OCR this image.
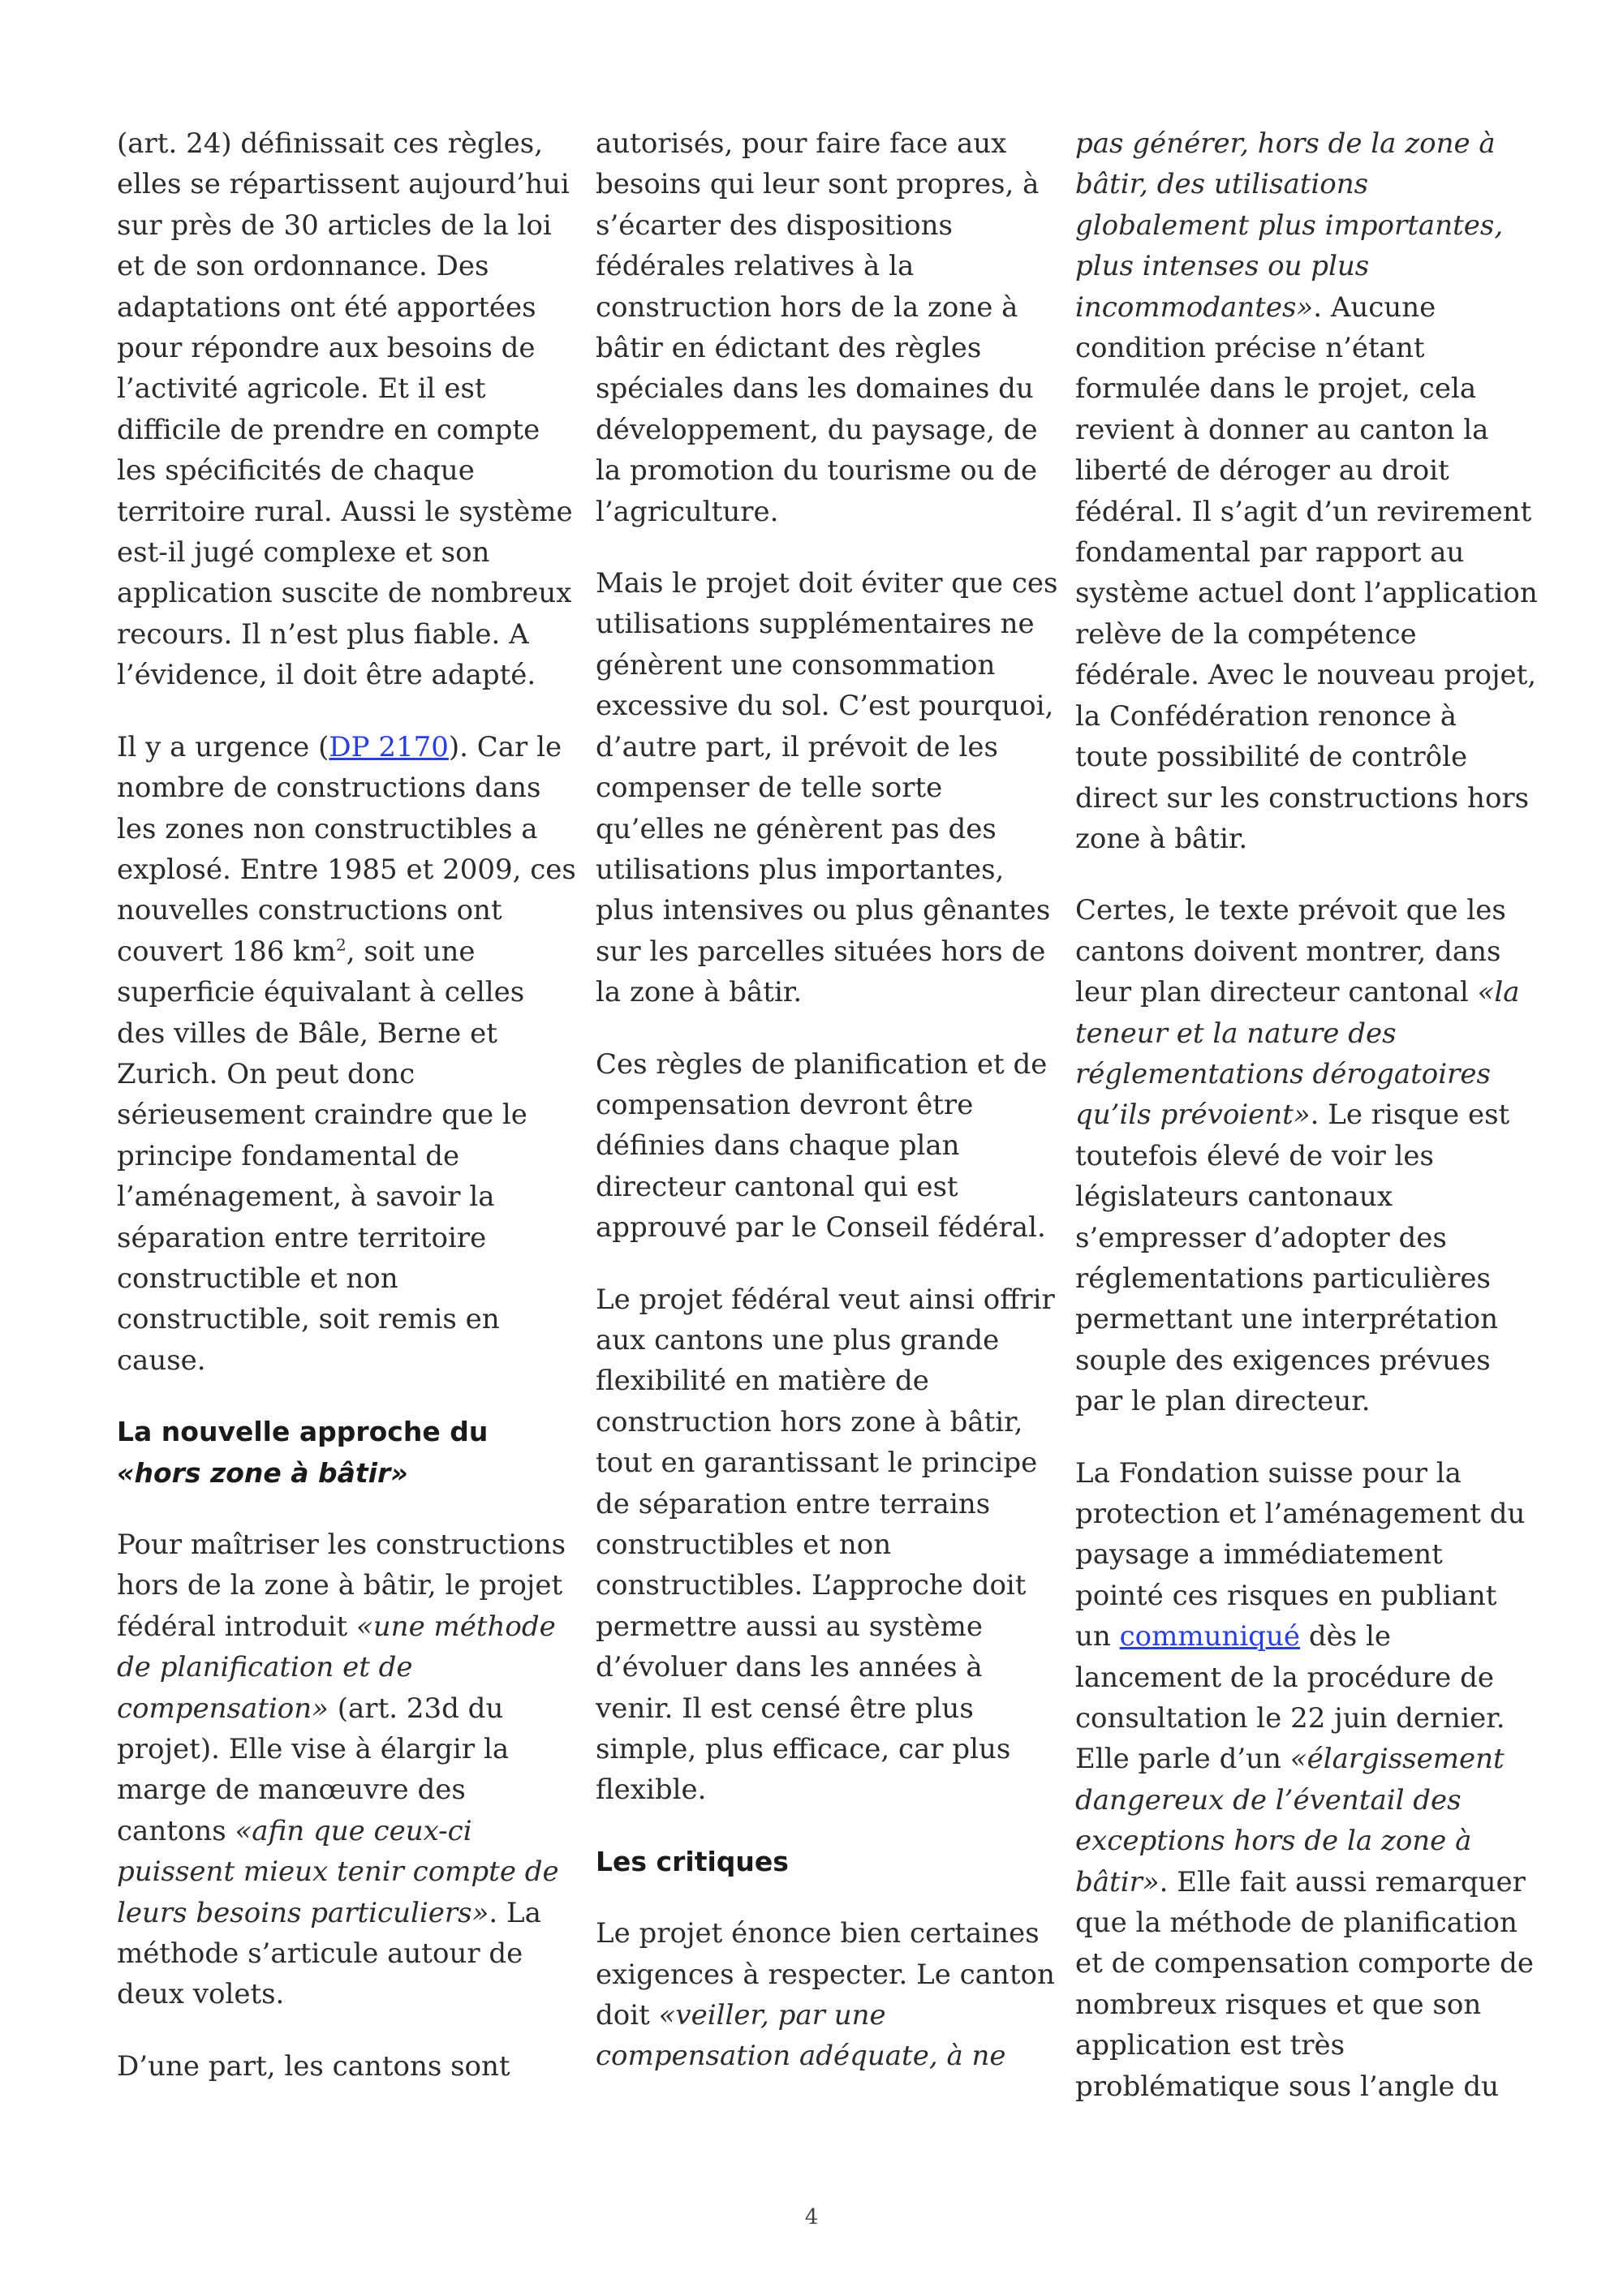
(art. 24) définissait ces règles, elles se répartissent aujourd’hui sur près de 30 articles de la loi et de son ordonnance. Des adaptations ont été apportées pour répondre aux besoins de l’activité agricole. Et il est difficile de prendre en compte les spécificités de chaque territoire rural. Aussi le système est-il jugé complexe et son application suscite de nombreux recours. Il n’est plus fiable. A l’évidence, il doit être adapté.

Il y a urgence (DP 2170). Car le nombre de constructions dans les zones non constructibles a explosé. Entre 1985 et 2009, ces nouvelles constructions ont couvert 186 $km^2$, soit une superficie équivalant à celles des villes de Bâle, Berne et Zurich. On peut donc sérieusement craindre que le principe fondamental de l’aménagement, à savoir la séparation entre territoire constructible et non constructible, soit remis en cause.

La nouvelle approche du
«hors zone à bâtir»

Pour maîtriser les constructions hors de la zone à bâtir, le projet fédéral introduit «une méthode de planification et de compensation» (art. 23d du projet). Elle vise à élargir la marge de manœuvre des cantons «afin que ceux-ci puissent mieux tenir compte de leurs besoins particuliers». La méthode s’articule autour de deux volets.

D’une part, les cantons sont

autorisés, pour faire face aux besoins qui leur sont propres, à s’écarter des dispositions fédérales relatives à la construction hors de la zone à bâtir en édictant des règles spéciales dans les domaines du développement, du paysage, de la promotion du tourisme ou de l’agriculture.

Mais le projet doit éviter que ces utilisations supplémentaires ne génèrent une consommation excessive du sol. C’est pourquoi, d’autre part, il prévoit de les compenser de telle sorte qu’elles ne génèrent pas des utilisations plus importantes, plus intensives ou plus gênantes sur les parcelles situées hors de la zone à bâtir.

Ces règles de planification et de compensation devront être définies dans chaque plan directeur cantonal qui est approuvé par le Conseil fédéral.

Le projet fédéral veut ainsi offrir aux cantons une plus grande flexibilité en matière de construction hors zone à bâtir, tout en garantissant le principe de séparation entre terrains constructibles et non constructibles. L’approche doit permettre aussi au système d’évoluer dans les années à venir. Il est censé être plus simple, plus efficace, car plus flexible.

Les critiques

Le projet énonce bien certaines exigences à respecter. Le canton doit «veiller, par une compensation adéquate, à ne

pas générer, hors de la zone à bâtir, des utilisations globalement plus importantes, plus intenses ou plus incommodantes». Aucune condition précise n’étant formulée dans le projet, cela revient à donner au canton la liberté de déroger au droit fédéral. Il s’agit d’un revirement fondamental par rapport au système actuel dont l’application relève de la compétence fédérale. Avec le nouveau projet, la Confédération renonce à toute possibilité de contrôle direct sur les constructions hors zone à bâtir.

Certes, le texte prévoit que les cantons doivent montrer, dans leur plan directeur cantonal «la teneur et la nature des réglementations dérogatoires qu’ils prévoient». Le risque est toutefois élevé de voir les législateurs cantonaux s’empresser d’adopter des réglementations particulières permettant une interprétation souple des exigences prévues par le plan directeur.

La Fondation suisse pour la protection et l’aménagement du paysage a immédiatement pointé ces risques en publiant un communiqué dès le lancement de la procédure de consultation le 22 juin dernier. Elle parle d’un «élargissement dangereux de l’éventail des exceptions hors de la zone à bâtir». Elle fait aussi remarquer que la méthode de planification et de compensation comporte de nombreux risques et que son application est très problématique sous l’angle du

4
